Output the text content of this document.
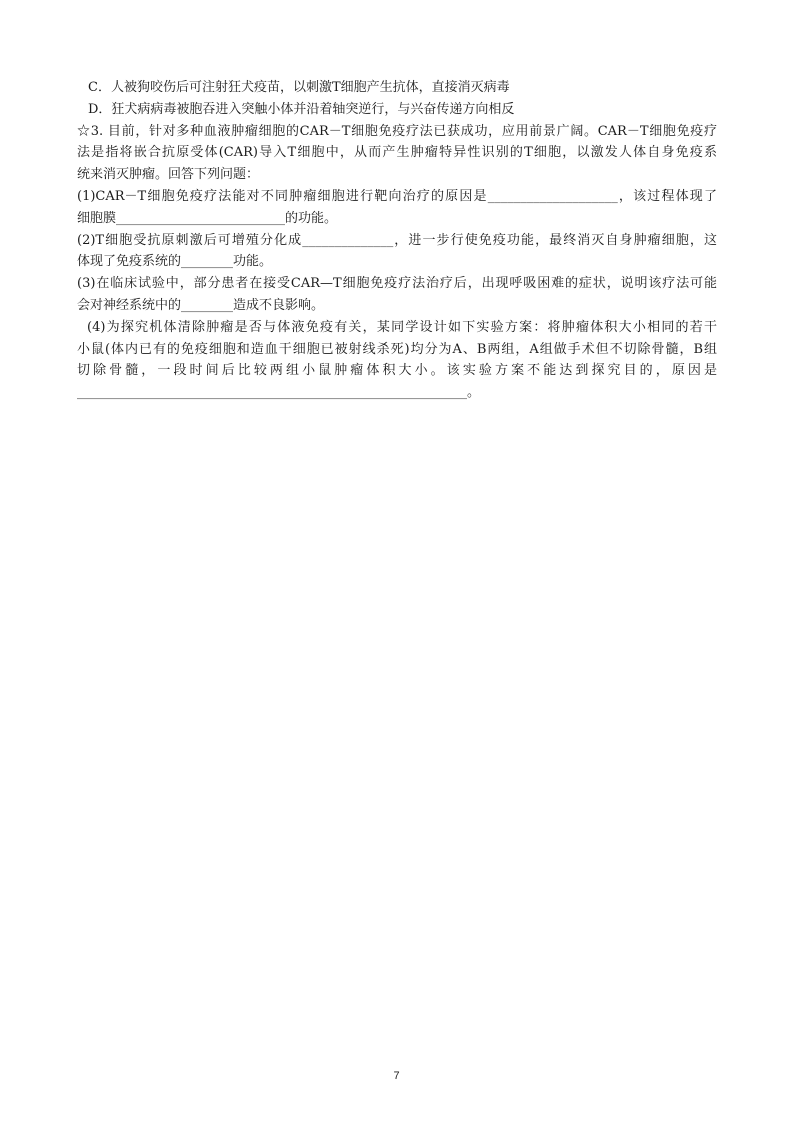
C．人被狗咬伤后可注射狂犬疫苗，以刺激T细胞产生抗体，直接消灭病毒

D．狂犬病病毒被胞吞进入突触小体并沿着轴突逆行，与兴奋传递方向相反

☆3. 目前，针对多种血液肿瘤细胞的CAR－T细胞免疫疗法已获成功，应用前景广阔。CAR－T细胞免疫疗

法是指将嵌合抗原受体(CAR)导入T细胞中，从而产生肿瘤特异性识别的T细胞，以激发人体自身免疫系

统来消灭肿瘤。回答下列问题：

(1)CAR－T细胞免疫疗法能对不同肿瘤细胞进行靶向治疗的原因是____________________，该过程体现了

细胞膜__________________________的功能。

(2)T细胞受抗原刺激后可增殖分化成______________，进一步行使免疫功能，最终消灭自身肿瘤细胞，这

体现了免疫系统的________功能。

(3)在临床试验中，部分患者在接受CAR—T细胞免疫疗法治疗后，出现呼吸困难的症状，说明该疗法可能

会对神经系统中的________造成不良影响。

(4)为探究机体清除肿瘤是否与体液免疫有关，某同学设计如下实验方案：将肿瘤体积大小相同的若干

小鼠(体内已有的免疫细胞和造血干细胞已被射线杀死)均分为A、B两组，A组做手术但不切除骨髓，B组

切除骨髓，一段时间后比较两组小鼠肿瘤体积大小。该实验方案不能达到探究目的，原因是

____________________________________________________________。

7
